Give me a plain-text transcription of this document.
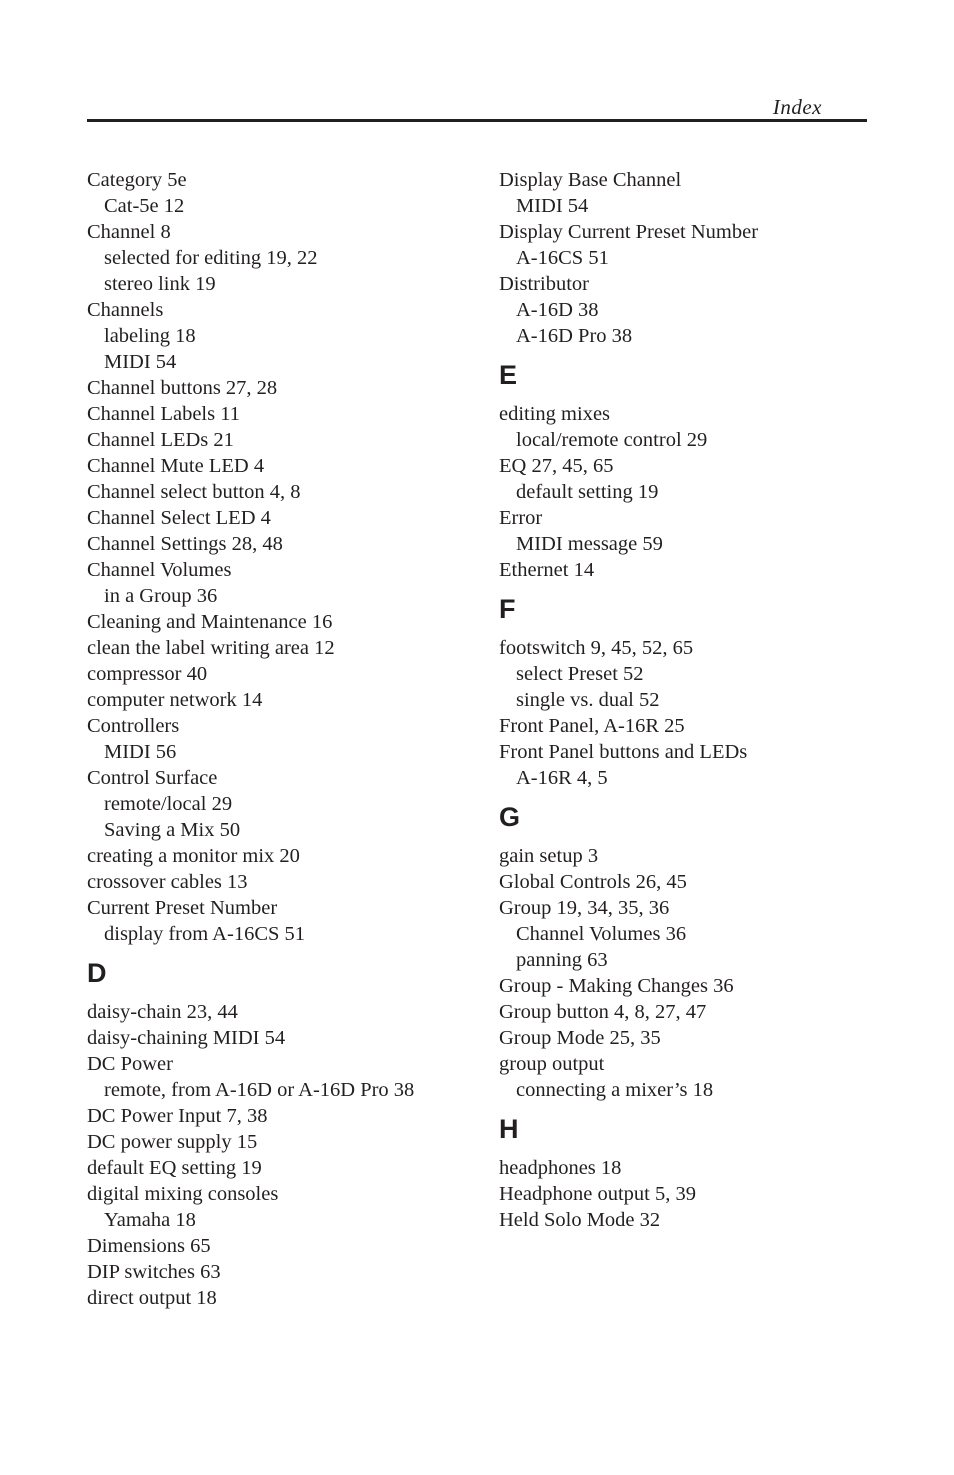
Index
Category 5e
Cat-5e 12
Channel 8
selected for editing 19, 22
stereo link 19
Channels
labeling 18
MIDI 54
Channel buttons 27, 28
Channel Labels 11
Channel LEDs 21
Channel Mute LED 4
Channel select button 4, 8
Channel Select LED 4
Channel Settings 28, 48
Channel Volumes
in a Group 36
Cleaning and Maintenance 16
clean the label writing area 12
compressor 40
computer network 14
Controllers
MIDI 56
Control Surface
remote/local 29
Saving a Mix 50
creating a monitor mix 20
crossover cables 13
Current Preset Number
display from A-16CS 51
D
daisy-chain 23, 44
daisy-chaining MIDI 54
DC Power
remote, from A-16D or A-16D Pro 38
DC Power Input 7, 38
DC power supply 15
default EQ setting 19
digital mixing consoles
Yamaha 18
Dimensions 65
DIP switches 63
direct output 18
Display Base Channel
MIDI 54
Display Current Preset Number
A-16CS 51
Distributor
A-16D 38
A-16D Pro 38
E
editing mixes
local/remote control 29
EQ 27, 45, 65
default setting 19
Error
MIDI message 59
Ethernet 14
F
footswitch 9, 45, 52, 65
select Preset 52
single vs. dual 52
Front Panel, A-16R 25
Front Panel buttons and LEDs
A-16R 4, 5
G
gain setup 3
Global Controls 26, 45
Group 19, 34, 35, 36
Channel Volumes 36
panning 63
Group - Making Changes 36
Group button 4, 8, 27, 47
Group Mode 25, 35
group output
connecting a mixer’s 18
H
headphones 18
Headphone output 5, 39
Held Solo Mode 32
